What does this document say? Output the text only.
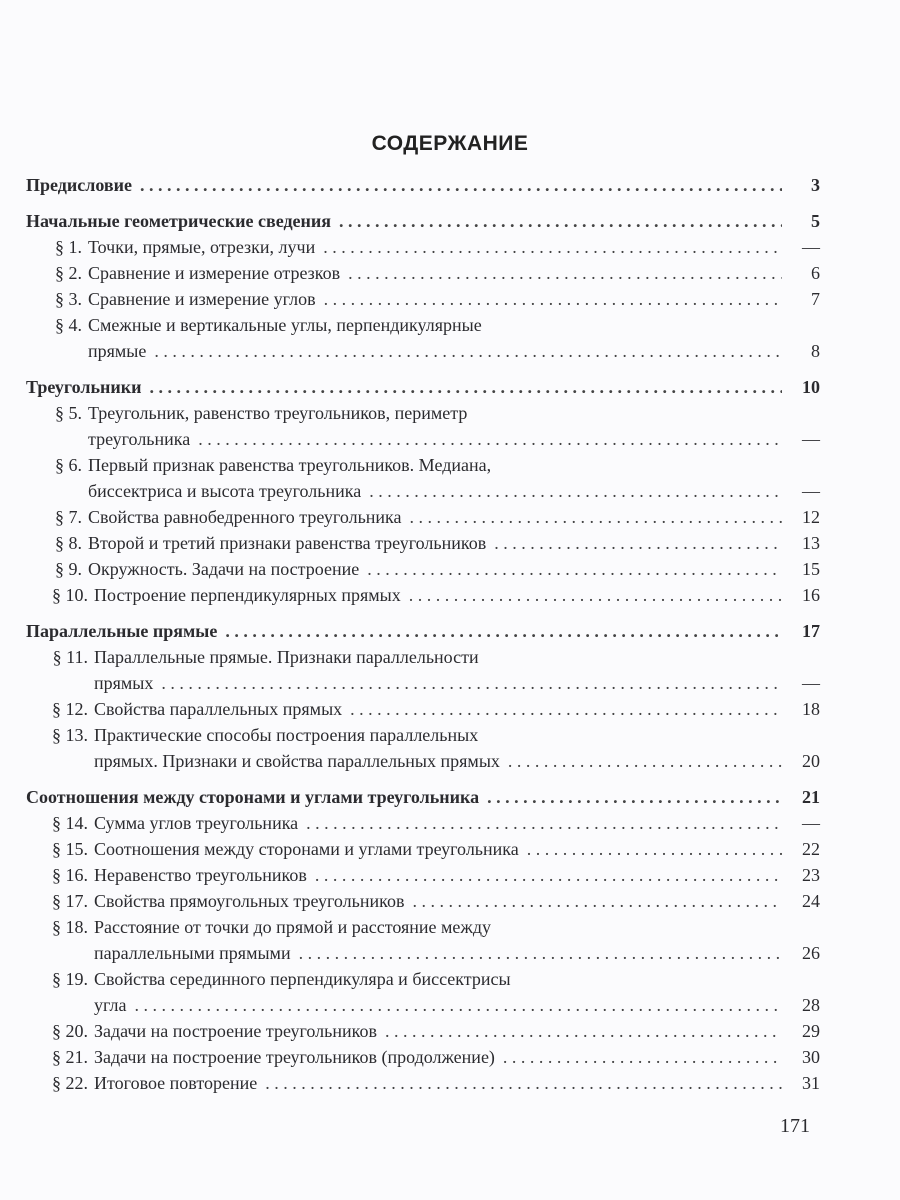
СОДЕРЖАНИЕ
Предисловие . . .	3
Начальные геометрические сведения . . .	5
§ 1. Точки, прямые, отрезки, лучи . . .	—
§ 2. Сравнение и измерение отрезков . . .	6
§ 3. Сравнение и измерение углов . . .	7
§ 4. Смежные и вертикальные углы, перпендикулярные
прямые . . .	8
Треугольники . . .	10
§ 5. Треугольник, равенство треугольников, периметр
треугольника . . .	—
§ 6. Первый признак равенства треугольников. Медиана,
биссектриса и высота треугольника . . .	—
§ 7. Свойства равнобедренного треугольника . . .	12
§ 8. Второй и третий признаки равенства треугольников . . .	13
§ 9. Окружность. Задачи на построение . . .	15
§ 10. Построение перпендикулярных прямых . . .	16
Параллельные прямые . . .	17
§ 11. Параллельные прямые. Признаки параллельности
прямых . . .	—
§ 12. Свойства параллельных прямых . . .	18
§ 13. Практические способы построения параллельных
прямых. Признаки и свойства параллельных прямых . . .	20
Соотношения между сторонами и углами треугольника . . .	21
§ 14. Сумма углов треугольника . . .	—
§ 15. Соотношения между сторонами и углами треугольника . . .	22
§ 16. Неравенство треугольников . . .	23
§ 17. Свойства прямоугольных треугольников . . .	24
§ 18. Расстояние от точки до прямой и расстояние между
параллельными прямыми . . .	26
§ 19. Свойства серединного перпендикуляра и биссектрисы
угла . . .	28
§ 20. Задачи на построение треугольников . . .	29
§ 21. Задачи на построение треугольников (продолжение) . . .	30
§ 22. Итоговое повторение . . .	31
171
